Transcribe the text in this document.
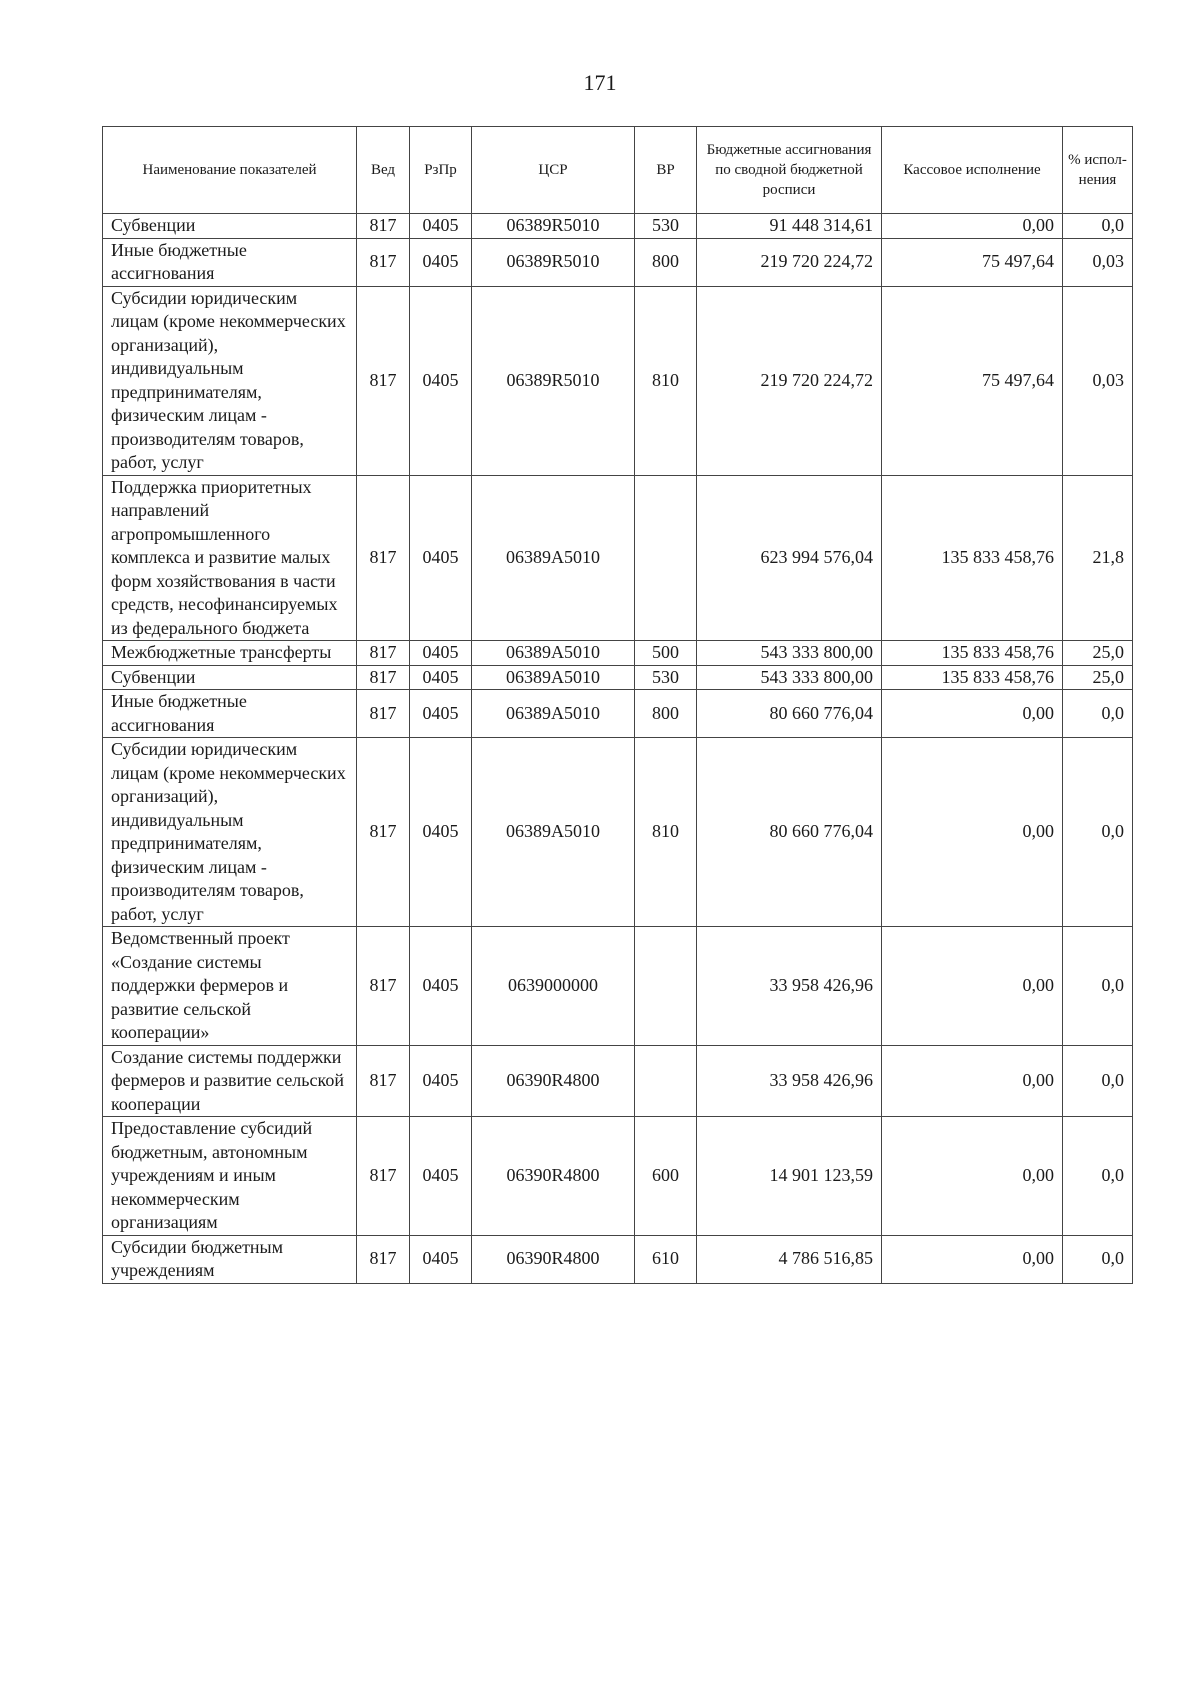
171
Наименование показателей	Вед	РзПр	ЦСР	ВР	Бюджетные ассигнования по сводной бюджетной росписи	Кассовое исполнение	% испол-нения
Субвенции	817	0405	06389R5010	530	91 448 314,61	0,00	0,0
Иные бюджетные ассигнования	817	0405	06389R5010	800	219 720 224,72	75 497,64	0,03
Субсидии юридическим лицам (кроме некоммерческих организаций), индивидуальным предпринимателям, физическим лицам - производителям товаров, работ, услуг	817	0405	06389R5010	810	219 720 224,72	75 497,64	0,03
Поддержка приоритетных направлений агропромышленного комплекса и развитие малых форм хозяйствования в части средств, несофинансируемых из федерального бюджета	817	0405	06389А5010		623 994 576,04	135 833 458,76	21,8
Межбюджетные трансферты	817	0405	06389А5010	500	543 333 800,00	135 833 458,76	25,0
Субвенции	817	0405	06389А5010	530	543 333 800,00	135 833 458,76	25,0
Иные бюджетные ассигнования	817	0405	06389А5010	800	80 660 776,04	0,00	0,0
Субсидии юридическим лицам (кроме некоммерческих организаций), индивидуальным предпринимателям, физическим лицам - производителям товаров, работ, услуг	817	0405	06389А5010	810	80 660 776,04	0,00	0,0
Ведомственный проект «Создание системы поддержки фермеров и развитие сельской кооперации»	817	0405	0639000000		33 958 426,96	0,00	0,0
Создание системы поддержки фермеров и развитие сельской кооперации	817	0405	06390R4800		33 958 426,96	0,00	0,0
Предоставление субсидий бюджетным, автономным учреждениям и иным некоммерческим организациям	817	0405	06390R4800	600	14 901 123,59	0,00	0,0
Субсидии бюджетным учреждениям	817	0405	06390R4800	610	4 786 516,85	0,00	0,0
